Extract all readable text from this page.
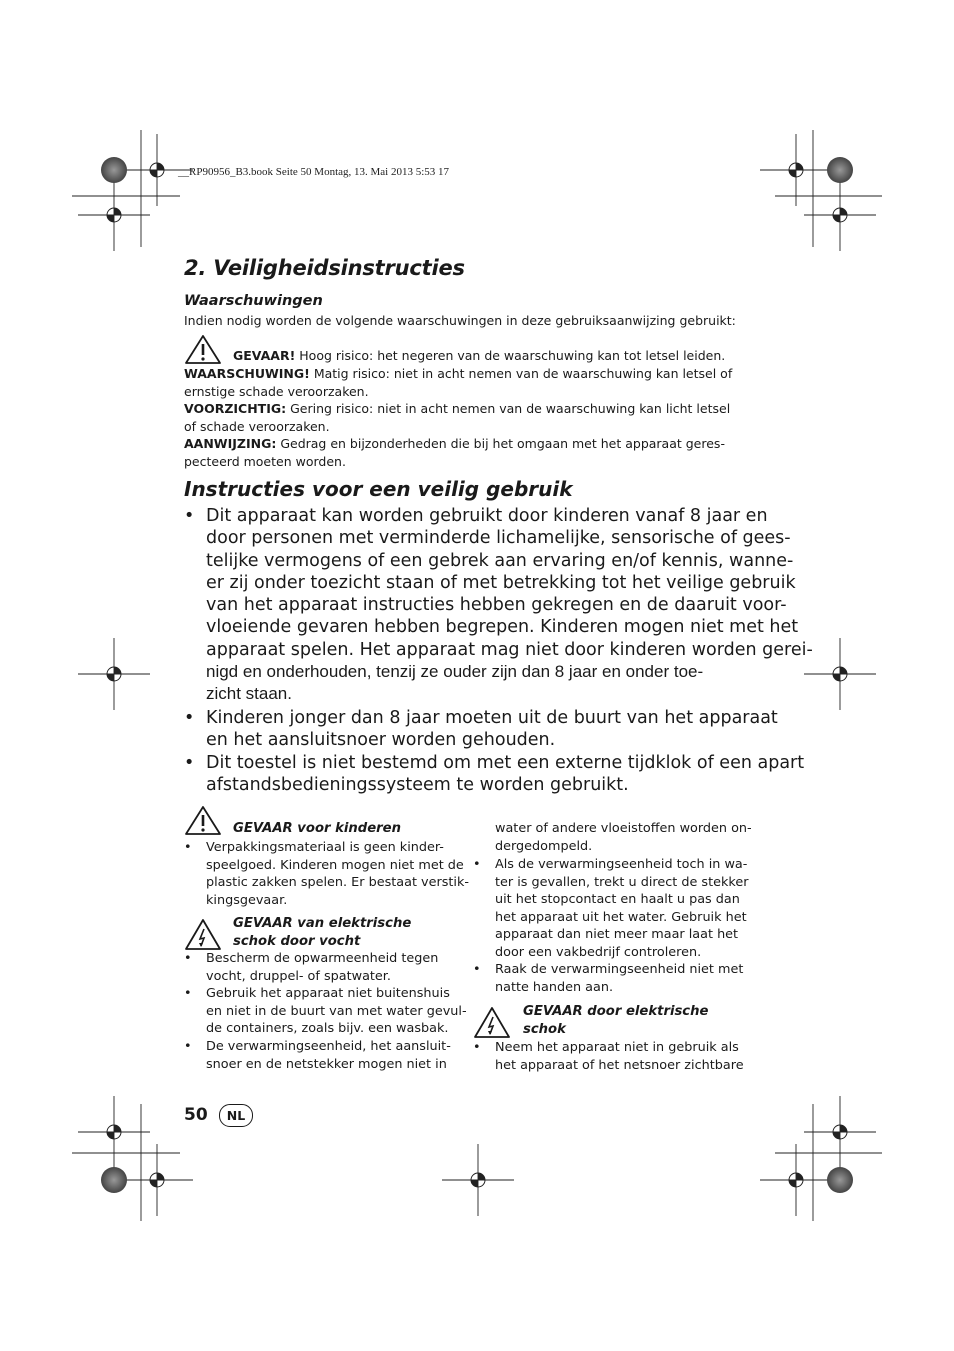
__RP90956_B3.book Seite 50 Montag, 13. Mai 2013 5:53 17
2. Veiligheidsinstructies
Waarschuwingen
Indien nodig worden de volgende waarschuwingen in deze gebruiksaanwijzing gebruikt:
GEVAAR! Hoog risico: het negeren van de waarschuwing kan tot letsel leiden.
WAARSCHUWING! Matig risico: niet in acht nemen van de waarschuwing kan letsel of
ernstige schade veroorzaken.
VOORZICHTIG: Gering risico: niet in acht nemen van de waarschuwing kan licht letsel
of schade veroorzaken.
AANWIJZING: Gedrag en bijzonderheden die bij het omgaan met het apparaat geres-
pecteerd moeten worden.
Instructies voor een veilig gebruik
• Dit apparaat kan worden gebruikt door kinderen vanaf 8 jaar en
door personen met verminderde lichamelijke, sensorische of gees-
telijke vermogens of een gebrek aan ervaring en/of kennis, wanne-
er zij onder toezicht staan of met betrekking tot het veilige gebruik
van het apparaat instructies hebben gekregen en de daaruit voor-
vloeiende gevaren hebben begrepen. Kinderen mogen niet met het
apparaat spelen. Het apparaat mag niet door kinderen worden gerei-
nigd en onderhouden, tenzij ze ouder zijn dan 8 jaar en onder toe-
zicht staan.
• Kinderen jonger dan 8 jaar moeten uit de buurt van het apparaat
en het aansluitsnoer worden gehouden.
• Dit toestel is niet bestemd om met een externe tijdklok of een apart
afstandsbedieningssysteem te worden gebruikt.
GEVAAR voor kinderen
•	Verpakkingsmateriaal is geen kinder-
speelgoed. Kinderen mogen niet met de
plastic zakken spelen. Er bestaat verstik-
kingsgevaar.
GEVAAR van elektrische
schok door vocht
•	Bescherm de opwarmeenheid tegen
vocht, druppel- of spatwater.
•	Gebruik het apparaat niet buitenshuis
en niet in de buurt van met water gevul-
de containers, zoals bijv. een wasbak.
•	De verwarmingseenheid, het aansluit-
snoer en de netstekker mogen niet in
water of andere vloeistoffen worden on-
dergedompeld.
•	Als de verwarmingseenheid toch in wa-
ter is gevallen, trekt u direct de stekker
uit het stopcontact en haalt u pas dan
het apparaat uit het water. Gebruik het
apparaat dan niet meer maar laat het
door een vakbedrijf controleren.
•	Raak de verwarmingseenheid niet met
natte handen aan.
GEVAAR door elektrische
schok
•	Neem het apparaat niet in gebruik als
het apparaat of het netsnoer zichtbare
50	NL
